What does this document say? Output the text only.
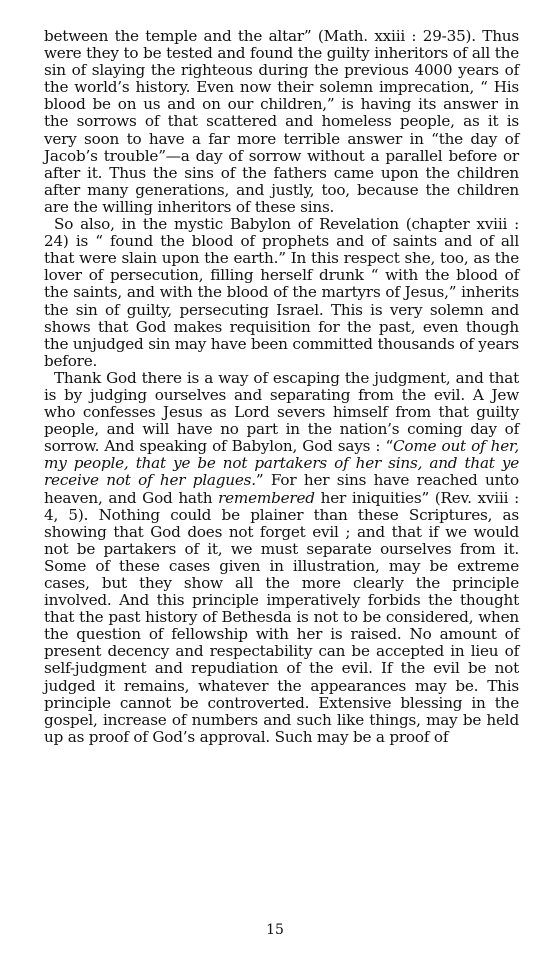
between the temple and the altar” (Math. xxiii : 29-35). Thus were they to be tested and found the guilty inheritors of all the sin of slaying the righteous during the previous 4000 years of the world’s history. Even now their solemn imprecation, “ His blood be on us and on our children,” is having its answer in the sorrows of that scattered and homeless people, as it is very soon to have a far more terrible answer in “the day of Jacob’s trouble”—a day of sorrow without a parallel before or after it. Thus the sins of the fathers came upon the children after many generations, and justly, too, because the children are the willing inheritors of these sins.

So also, in the mystic Babylon of Revelation (chapter xviii : 24) is “ found the blood of prophets and of saints and of all that were slain upon the earth.” In this respect she, too, as the lover of persecution, filling herself drunk “ with the blood of the saints, and with the blood of the martyrs of Jesus,” inherits the sin of guilty, persecuting Israel. This is very solemn and shows that God makes requisition for the past, even though the unjudged sin may have been committed thousands of years before.

Thank God there is a way of escaping the judgment, and that is by judging ourselves and separating from the evil. A Jew who confesses Jesus as Lord severs himself from that guilty people, and will have no part in the nation’s coming day of sorrow. And speaking of Babylon, God says : “Come out of her, my people, that ye be not partakers of her sins, and that ye receive not of her plagues.” For her sins have reached unto heaven, and God hath remembered her iniquities” (Rev. xviii : 4, 5). Nothing could be plainer than these Scriptures, as showing that God does not forget evil ; and that if we would not be partakers of it, we must separate ourselves from it. Some of these cases given in illustration, may be extreme cases, but they show all the more clearly the principle involved. And this principle imperatively forbids the thought that the past history of Bethesda is not to be considered, when the question of fellowship with her is raised. No amount of present decency and respectability can be accepted in lieu of self-judgment and repudiation of the evil. If the evil be not judged it remains, whatever the appearances may be. This principle cannot be controverted. Extensive blessing in the gospel, increase of numbers and such like things, may be held up as proof of God’s approval. Such may be a proof of

15
